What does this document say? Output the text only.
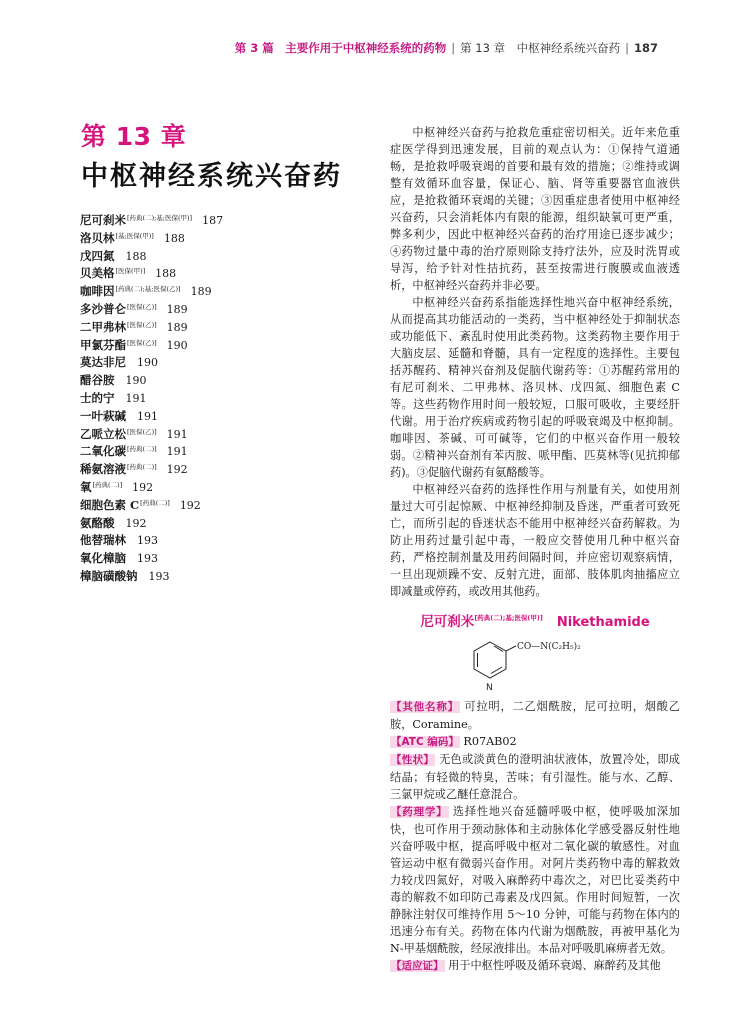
第 3 篇　主要作用于中枢神经系统的药物 | 第 13 章　中枢神经系统兴奋药 | 187
第 13 章
中枢神经系统兴奋药
尼可刹米 [药典(二);基;医保(甲)] 187
洛贝林 [基;医保(甲)] 188
戊四氮 188
贝美格 [医保(甲)] 188
咖啡因 [药典(二);基;医保(乙)] 189
多沙普仑 [医保(乙)] 189
二甲弗林 [医保(乙)] 189
甲氯芬酯 [医保(乙)] 190
莫达非尼 190
醋谷胺 190
士的宁 191
一叶萩碱 191
乙哌立松 [医保(乙)] 191
二氧化碳 [药典(二)] 191
稀氨溶液 [药典(二)] 192
氧 [药典(二)] 192
细胞色素 C [药典(二)] 192
氨酪酸 192
他替瑞林 193
氧化樟脑 193
樟脑磺酸钠 193

中枢神经兴奋药与抢救危重症密切相关。近年来危重症医学得到迅速发展，目前的观点认为：①保持气道通畅，是抢救呼吸衰竭的首要和最有效的措施；②维持或调整有效循环血容量，保证心、脑、肾等重要器官血液供应，是抢救循环衰竭的关键；③因重症患者使用中枢神经兴奋药，只会消耗体内有限的能源，组织缺氧可更严重，弊多利少，因此中枢神经兴奋药的治疗用途已逐步减少；④药物过量中毒的治疗原则除支持疗法外，应及时洗胃或导泻，给予针对性拮抗药，甚至按需进行腹膜或血液透析，中枢神经兴奋药并非必要。

中枢神经兴奋药系指能选择性地兴奋中枢神经系统，从而提高其功能活动的一类药，当中枢神经处于抑制状态或功能低下、紊乱时使用此类药物。这类药物主要作用于大脑皮层、延髓和脊髓，具有一定程度的选择性。主要包括苏醒药、精神兴奋剂及促脑代谢药等：①苏醒药常用的有尼可刹米、二甲弗林、洛贝林、戊四氮、细胞色素 C 等。这些药物作用时间一般较短，口服可吸收，主要经肝代谢。用于治疗疾病或药物引起的呼吸衰竭及中枢抑制。咖啡因、茶碱、可可碱等，它们的中枢兴奋作用一般较弱。②精神兴奋剂有苯丙胺、哌甲酯、匹莫林等(见抗抑郁药)。③促脑代谢药有氨酪酸等。

中枢神经兴奋药的选择性作用与剂量有关，如使用剂量过大可引起惊厥、中枢神经抑制及昏迷，严重者可致死亡，而所引起的昏迷状态不能用中枢神经兴奋药解救。为防止用药过量引起中毒，一般应交替使用几种中枢兴奋药，严格控制剂量及用药间隔时间，并应密切观察病情，一旦出现烦躁不安、反射亢进，面部、肢体肌肉抽搐应立即减量或停药，或改用其他药。

尼可刹米[药典(二);基;医保(甲)] Nikethamide
N
CO—N(C₂H₅)₂

【其他名称】 可拉明，二乙烟酰胺，尼可拉明，烟酸乙胺，Coramine。

【ATC 编码】 R07AB02

【性状】 无色或淡黄色的澄明油状液体，放置冷处，即成结晶；有轻微的特臭，苦味；有引湿性。能与水、乙醇、三氯甲烷或乙醚任意混合。

【药理学】 选择性地兴奋延髓呼吸中枢，使呼吸加深加快，也可作用于颈动脉体和主动脉体化学感受器反射性地兴奋呼吸中枢，提高呼吸中枢对二氧化碳的敏感性。对血管运动中枢有微弱兴奋作用。对阿片类药物中毒的解救效力较戊四氮好，对吸入麻醉药中毒次之，对巴比妥类药中毒的解救不如印防己毒素及戊四氮。作用时间短暂，一次静脉注射仅可维持作用 5～10 分钟，可能与药物在体内的迅速分布有关。药物在体内代谢为烟酰胺，再被甲基化为 N-甲基烟酰胺，经尿液排出。本品对呼吸肌麻痹者无效。

【适应证】 用于中枢性呼吸及循环衰竭、麻醉药及其他
